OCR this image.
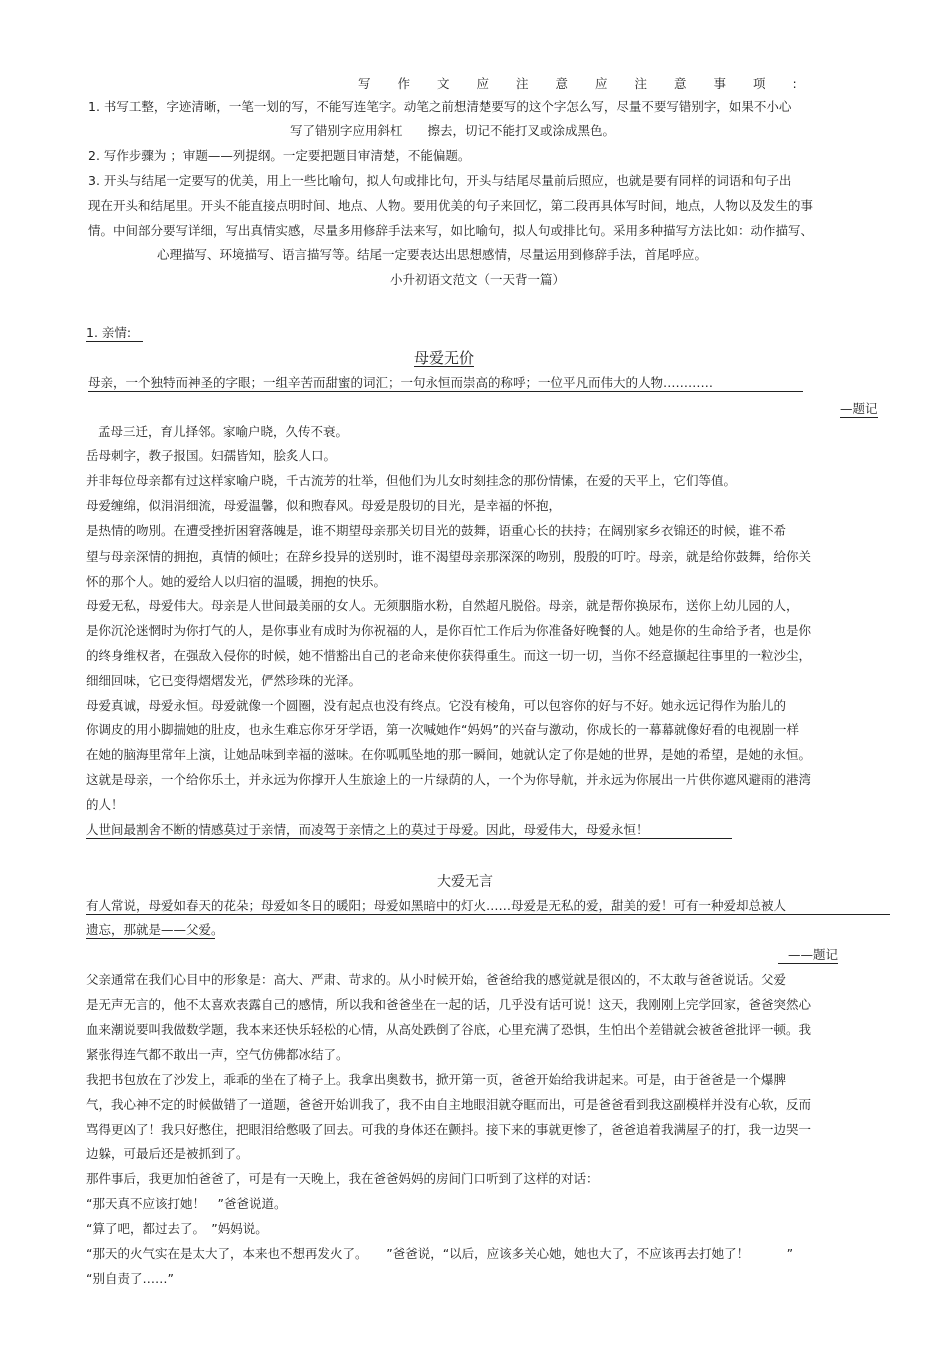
写作文应注意应注意事项:
1. 书写工整，字迹清晰，一笔一划的写，不能写连笔字。动笔之前想清楚要写的这个字怎么写，尽量不要写错别字，如果不小心
写了错别字应用斜杠　　擦去，切记不能打叉或涂成黑色。
2. 写作步骤为 ；审题——列提纲。一定要把题目审清楚，不能偏题。
3. 开头与结尾一定要写的优美，用上一些比喻句，拟人句或排比句，开头与结尾尽量前后照应，也就是要有同样的词语和句子出
现在开头和结尾里。开头不能直接点明时间、地点、人物。要用优美的句子来回忆，第二段再具体写时间，地点，人物以及发生的事
情。中间部分要写详细，写出真情实感，尽量多用修辞手法来写，如比喻句，拟人句或排比句。采用多种描写方法比如：动作描写、
心理描写、环境描写、语言描写等。结尾一定要表达出思想感情，尽量运用到修辞手法，首尾呼应。
小升初语文范文（一天背一篇）
1. 亲情:
母爱无价
母亲，一个独特而神圣的字眼；一组辛苦而甜蜜的词汇；一句永恒而崇高的称呼；一位平凡而伟大的人物…………
—题记
孟母三迁，育儿择邻。家喻户晓，久传不衰。
岳母刺字，教子报国。妇孺皆知，脍炙人口。
并非每位母亲都有过这样家喻户晓，千古流芳的壮举，但他们为儿女时刻挂念的那份情愫，在爱的天平上，它们等值。
母爱缠绵，似涓涓细流，母爱温馨，似和煦春风。母爱是殷切的目光，是幸福的怀抱，
是热情的吻別。在遭受挫折困窘落魄是，谁不期望母亲那关切目光的鼓舞，语重心长的扶持；在阔别家乡衣锦还的时候，谁不希
望与母亲深情的拥抱，真情的倾吐；在辞乡投异的送别时，谁不渴望母亲那深深的吻别，殷殷的叮咛。母亲，就是给你鼓舞，给你关
怀的那个人。她的爱给人以归宿的温暖，拥抱的快乐。
母爱无私，母爱伟大。母亲是人世间最美丽的女人。无须胭脂水粉，自然超凡脱俗。母亲，就是帮你换尿布，送你上幼儿园的人，
是你沉沦迷惘时为你打气的人，是你事业有成时为你祝福的人，是你百忙工作后为你准备好晚餐的人。她是你的生命给予者，也是你
的终身维权者，在强敌入侵你的时候，她不惜豁出自己的老命来使你获得重生。而这一切一切，当你不经意撷起往事里的一粒沙尘，
细细回味，它已变得熠熠发光，俨然珍珠的光泽。
母爱真诚，母爱永恒。母爱就像一个圆圈，没有起点也没有终点。它没有棱角，可以包容你的好与不好。她永远记得作为胎儿的
你调皮的用小脚揣她的肚皮，也永生难忘你牙牙学语，第一次喊她作“妈妈”的兴奋与激动，你成长的一幕幕就像好看的电视剧一样
在她的脑海里常年上演，让她品味到幸福的滋味。在你呱呱坠地的那一瞬间，她就认定了你是她的世界，是她的希望，是她的永恒。
这就是母亲，一个给你乐土，并永远为你撑开人生旅途上的一片绿荫的人，一个为你导航，并永远为你展出一片供你遮风避雨的港湾
的人！
人世间最割舍不断的情感莫过于亲情，而凌驾于亲情之上的莫过于母爱。因此，母爱伟大，母爱永恒！
大爱无言
有人常说，母爱如春天的花朵；母爱如冬日的暖阳；母爱如黑暗中的灯火……母爱是无私的爱，甜美的爱！可有一种爱却总被人
遗忘，那就是——父爱。
——题记
父亲通常在我们心目中的形象是：高大、严肃、苛求的。从小时候开始，爸爸给我的感觉就是很凶的，不太敢与爸爸说话。父爱
是无声无言的，他不太喜欢表露自己的感情，所以我和爸爸坐在一起的话，几乎没有话可说！这天，我刚刚上完学回家，爸爸突然心
血来潮说要叫我做数学题，我本来还快乐轻松的心情，从高处跌倒了谷底，心里充满了恐惧，生怕出个差错就会被爸爸批评一顿。我
紧张得连气都不敢出一声，空气仿佛都冰结了。
我把书包放在了沙发上，乖乖的坐在了椅子上。我拿出奥数书，掀开第一页，爸爸开始给我讲起来。可是，由于爸爸是一个爆脾
气，我心神不定的时候做错了一道题，爸爸开始训我了，我不由自主地眼泪就夺眶而出，可是爸爸看到我这副模样并没有心软，反而
骂得更凶了！我只好憋住，把眼泪给憋吸了回去。可我的身体还在颤抖。接下来的事就更惨了，爸爸追着我满屋子的打，我一边哭一
边躲，可最后还是被抓到了。
那件事后，我更加怕爸爸了，可是有一天晚上，我在爸爸妈妈的房间门口听到了这样的对话：
“那天真不应该打她！　”爸爸说道。
“算了吧，都过去了。　”妈妈说。
“那天的火气实在是太大了，本来也不想再发火了。　　”爸爸说，“以后，应该多关心她，她也大了，不应该再去打她了！　　　”
“别自责了……”
